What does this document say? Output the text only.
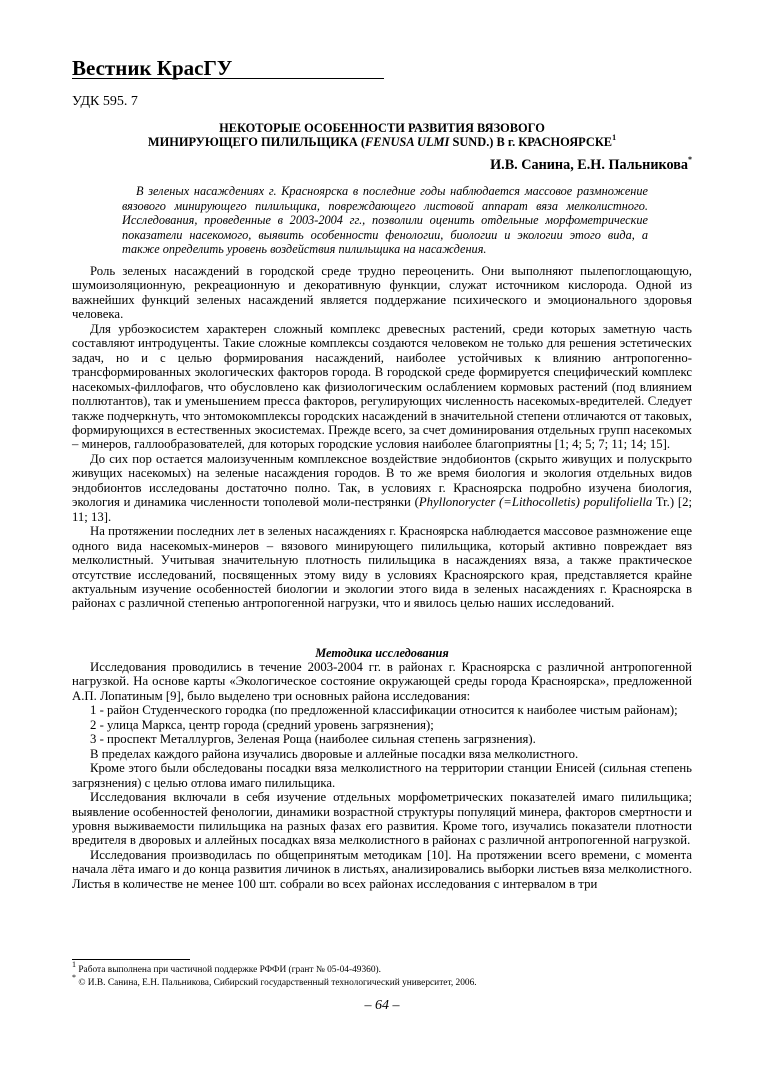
Вестник КрасГУ
УДК 595. 7
НЕКОТОРЫЕ ОСОБЕННОСТИ РАЗВИТИЯ ВЯЗОВОГО
МИНИРУЮЩЕГО ПИЛИЛЬЩИКА (FENUSA ULMI SUND.) В г. КРАСНОЯРСКЕ$^1$
И.В. Санина, Е.Н. Пальникова*

В зеленых насаждениях г. Красноярска в последние годы наблюдается массовое размножение вязового минирующего пилильщика, повреждающего листовой аппарат вяза мелколистного. Исследования, проведенные в 2003-2004 гг., позволили оценить отдельные морфометрические показатели насекомого, выявить особенности фенологии, биологии и экологии этого вида, а также определить уровень воздействия пилильщика на насаждения.

Роль зеленых насаждений в городской среде трудно переоценить. Они выполняют пылепоглощающую, шумоизоляционную, рекреационную и декоративную функции, служат источником кислорода. Одной из важнейших функций зеленых насаждений является поддержание психического и эмоционального здоровья человека.

Для урбоэкосистем характерен сложный комплекс древесных растений, среди которых заметную часть составляют интродуценты. Такие сложные комплексы создаются человеком не только для решения эстетических задач, но и с целью формирования насаждений, наиболее устойчивых к влиянию антропогенно-трансформированных экологических факторов города. В городской среде формируется специфический комплекс насекомых-филлофагов, что обусловлено как физиологическим ослаблением кормовых растений (под влиянием поллютантов), так и уменьшением пресса факторов, регулирующих численность насекомых-вредителей. Следует также подчеркнуть, что энтомокомплексы городских насаждений в значительной степени отличаются от таковых, формирующихся в естественных экосистемах. Прежде всего, за счет доминирования отдельных групп насекомых – минеров, галлообразователей, для которых городские условия наиболее благоприятны [1; 4; 5; 7; 11; 14; 15].

До сих пор остается малоизученным комплексное воздействие эндобионтов (скрыто живущих и полускрыто живущих насекомых) на зеленые насаждения городов. В то же время биология и экология отдельных видов эндобионтов исследованы достаточно полно. Так, в условиях г. Красноярска подробно изучена биология, экология и динамика численности тополевой моли-пестрянки (Phyllonorycter (=Lithocolletis) populifoliella Tr.) [2; 11; 13].

На протяжении последних лет в зеленых насаждениях г. Красноярска наблюдается массовое размножение еще одного вида насекомых-минеров – вязового минирующего пилильщика, который активно повреждает вяз мелколистный. Учитывая значительную плотность пилильщика в насаждениях вяза, а также практическое отсутствие исследований, посвященных этому виду в условиях Красноярского края, представляется крайне актуальным изучение особенностей биологии и экологии этого вида в зеленых насаждениях г. Красноярска в районах с различной степенью антропогенной нагрузки, что и явилось целью наших исследований.

Методика исследования

Исследования проводились в течение 2003-2004 гг. в районах г. Красноярска с различной антропогенной нагрузкой. На основе карты «Экологическое состояние окружающей среды города Красноярска», предложенной А.П. Лопатиным [9], было выделено три основных района исследования:

1 - район Студенческого городка (по предложенной классификации относится к наиболее чистым районам);

2 - улица Маркса, центр города (средний уровень загрязнения);

3 - проспект Металлургов, Зеленая Роща (наиболее сильная степень загрязнения).

В пределах каждого района изучались дворовые и аллейные посадки вяза мелколистного.

Кроме этого были обследованы посадки вяза мелколистного на территории станции Енисей (сильная степень загрязнения) с целью отлова имаго пилильщика.

Исследования включали в себя изучение отдельных морфометрических показателей имаго пилильщика; выявление особенностей фенологии, динамики возрастной структуры популяций минера, факторов смертности и уровня выживаемости пилильщика на разных фазах его развития. Кроме того, изучались показатели плотности вредителя в дворовых и аллейных посадках вяза мелколистного в районах с различной антропогенной нагрузкой.

Исследования производилась по общепринятым методикам [10]. На протяжении всего времени, с момента начала лёта имаго и до конца развития личинок в листьях, анализировались выборки листьев вяза мелколистного. Листья в количестве не менее 100 шт. собрали во всех районах исследования с интервалом в три

$^1$ Работа выполнена при частичной поддержке РФФИ (грант № 05-04-49360).
* © И.В. Санина, Е.Н. Пальникова, Сибирский государственный технологический университет, 2006.
– 64 –
